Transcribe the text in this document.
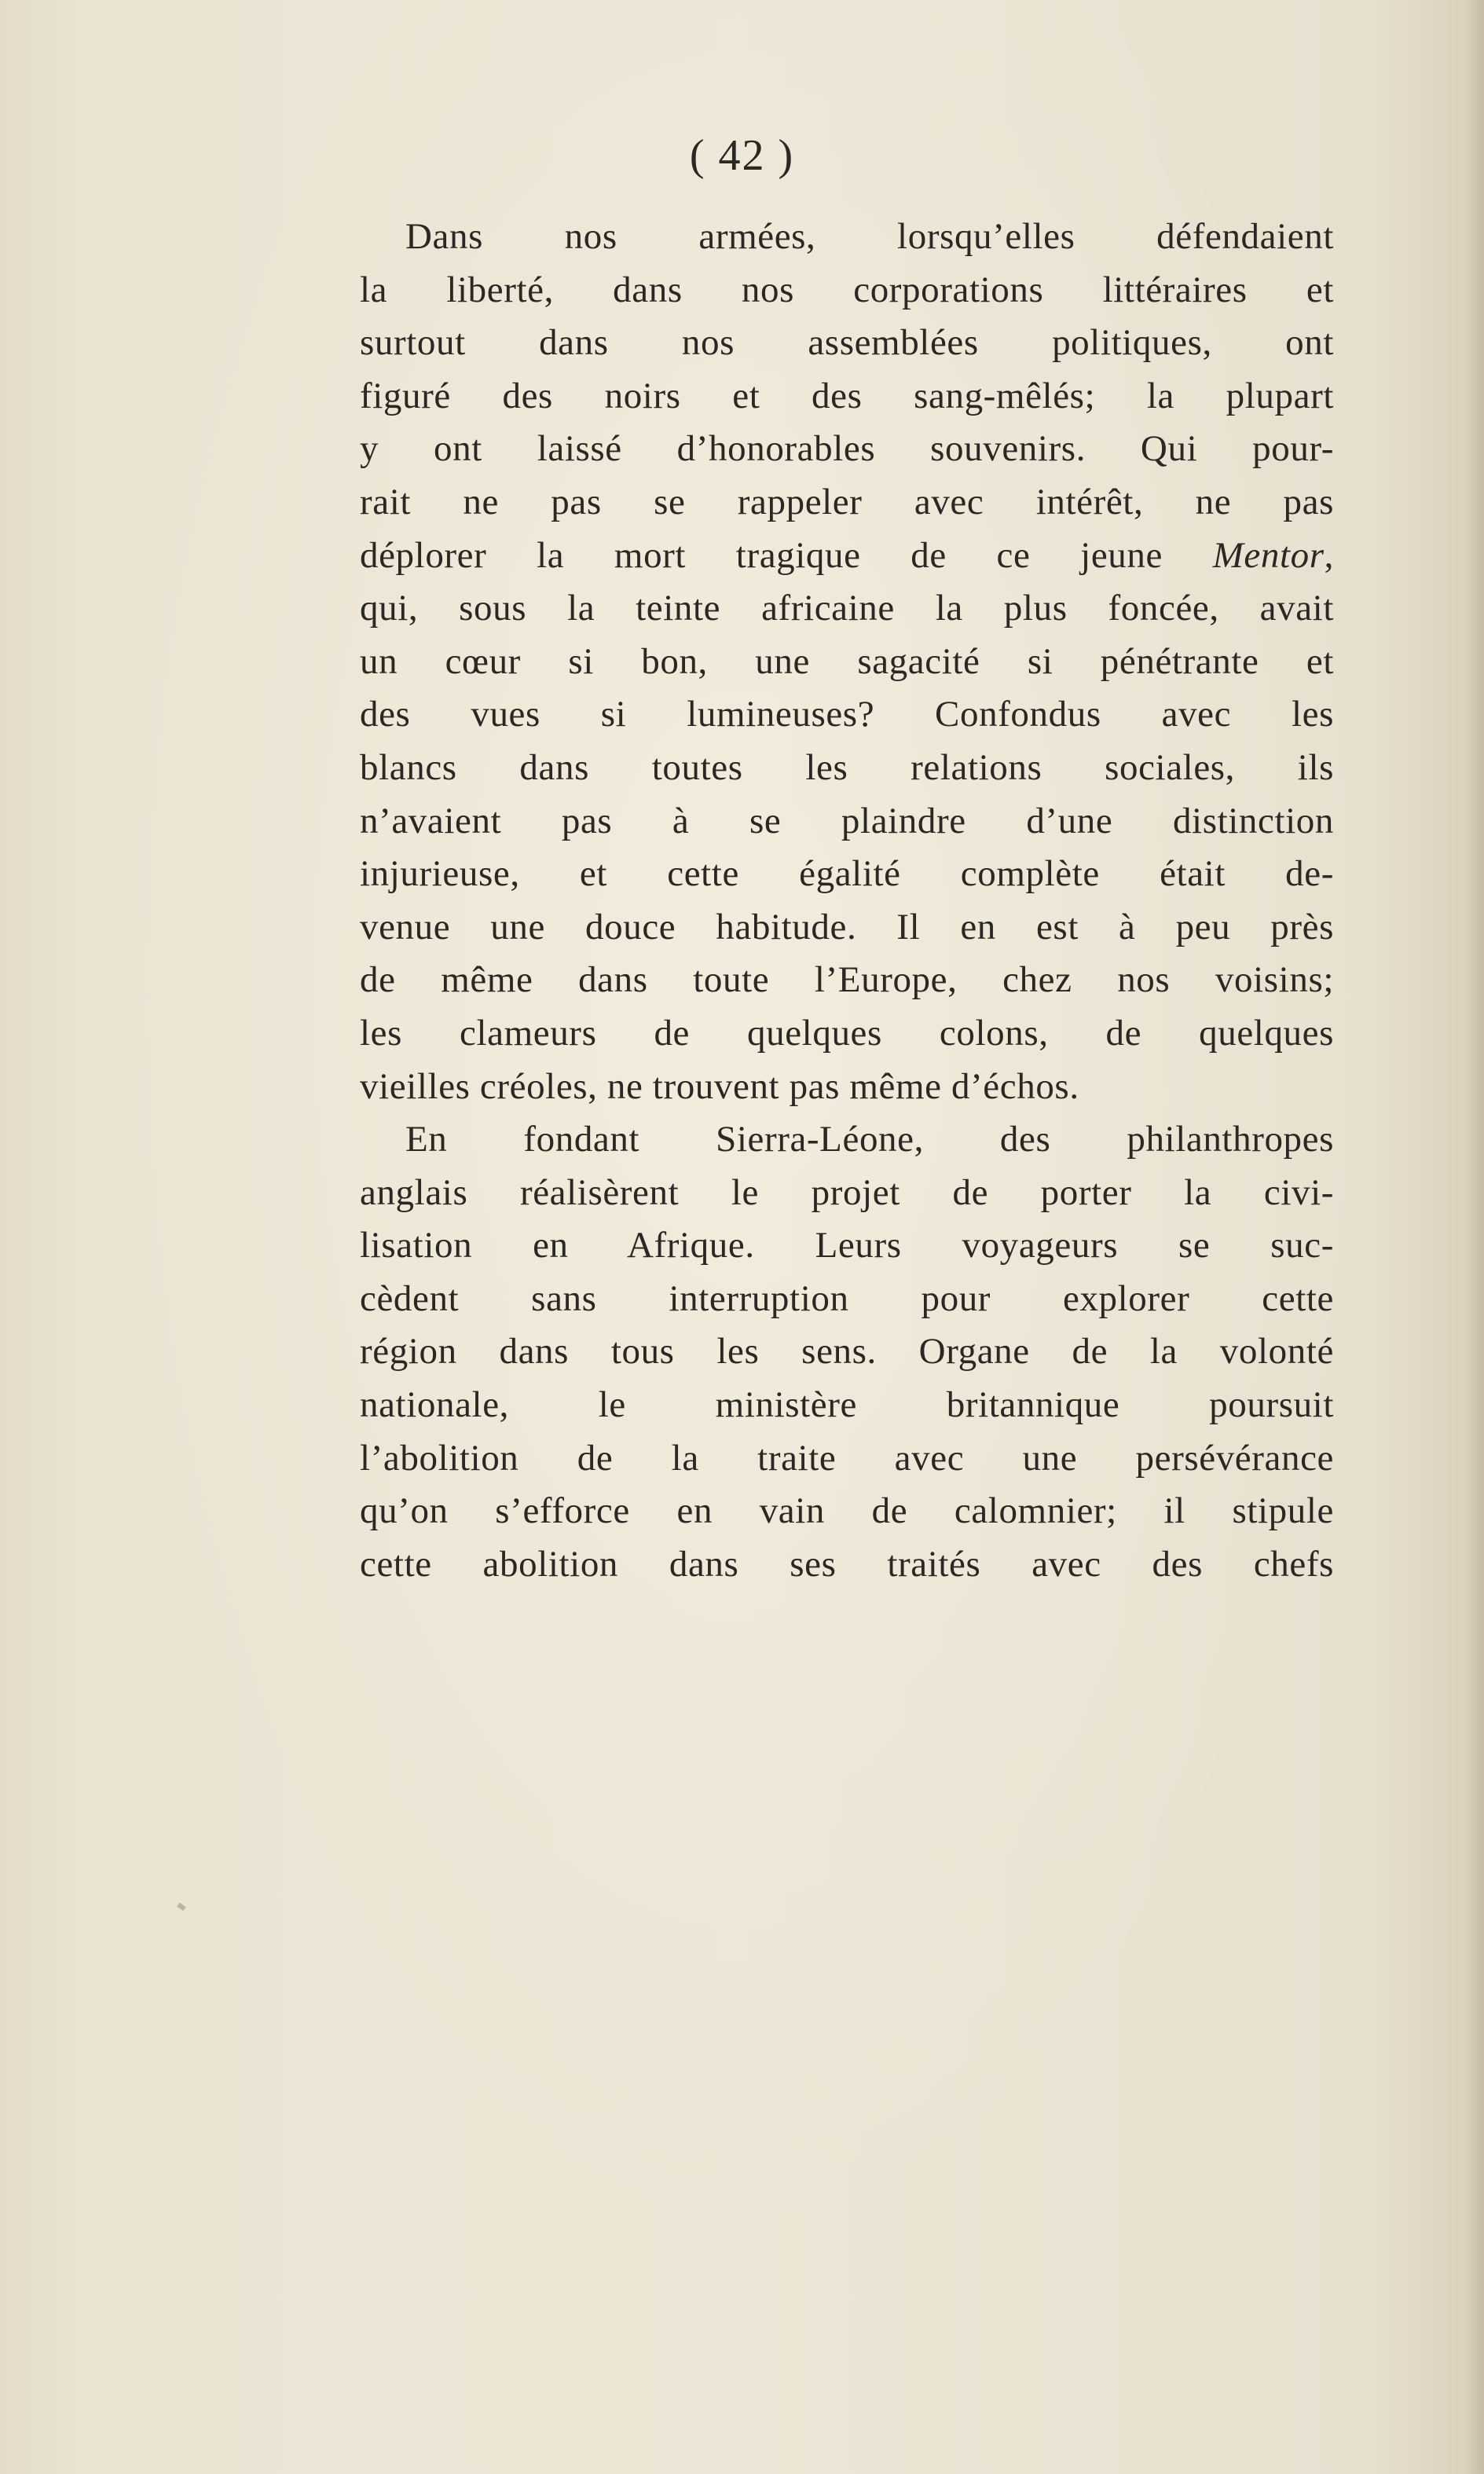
( 42 )
Dans nos armées, lorsqu’elles défendaient
la liberté, dans nos corporations littéraires et
surtout dans nos assemblées politiques, ont
figuré des noirs et des sang-mêlés; la plupart
y ont laissé d’honorables souvenirs. Qui pour-
rait ne pas se rappeler avec intérêt, ne pas
déplorer la mort tragique de ce jeune Mentor,
qui, sous la teinte africaine la plus foncée, avait
un cœur si bon, une sagacité si pénétrante et
des vues si lumineuses? Confondus avec les
blancs dans toutes les relations sociales, ils
n’avaient pas à se plaindre d’une distinction
injurieuse, et cette égalité complète était de-
venue une douce habitude. Il en est à peu près
de même dans toute l’Europe, chez nos voisins;
les clameurs de quelques colons, de quelques
vieilles créoles, ne trouvent pas même d’échos.
En fondant Sierra-Léone, des philanthropes
anglais réalisèrent le projet de porter la civi-
lisation en Afrique. Leurs voyageurs se suc-
cèdent sans interruption pour explorer cette
région dans tous les sens. Organe de la volonté
nationale, le ministère britannique poursuit
l’abolition de la traite avec une persévérance
qu’on s’efforce en vain de calomnier; il stipule
cette abolition dans ses traités avec des chefs
